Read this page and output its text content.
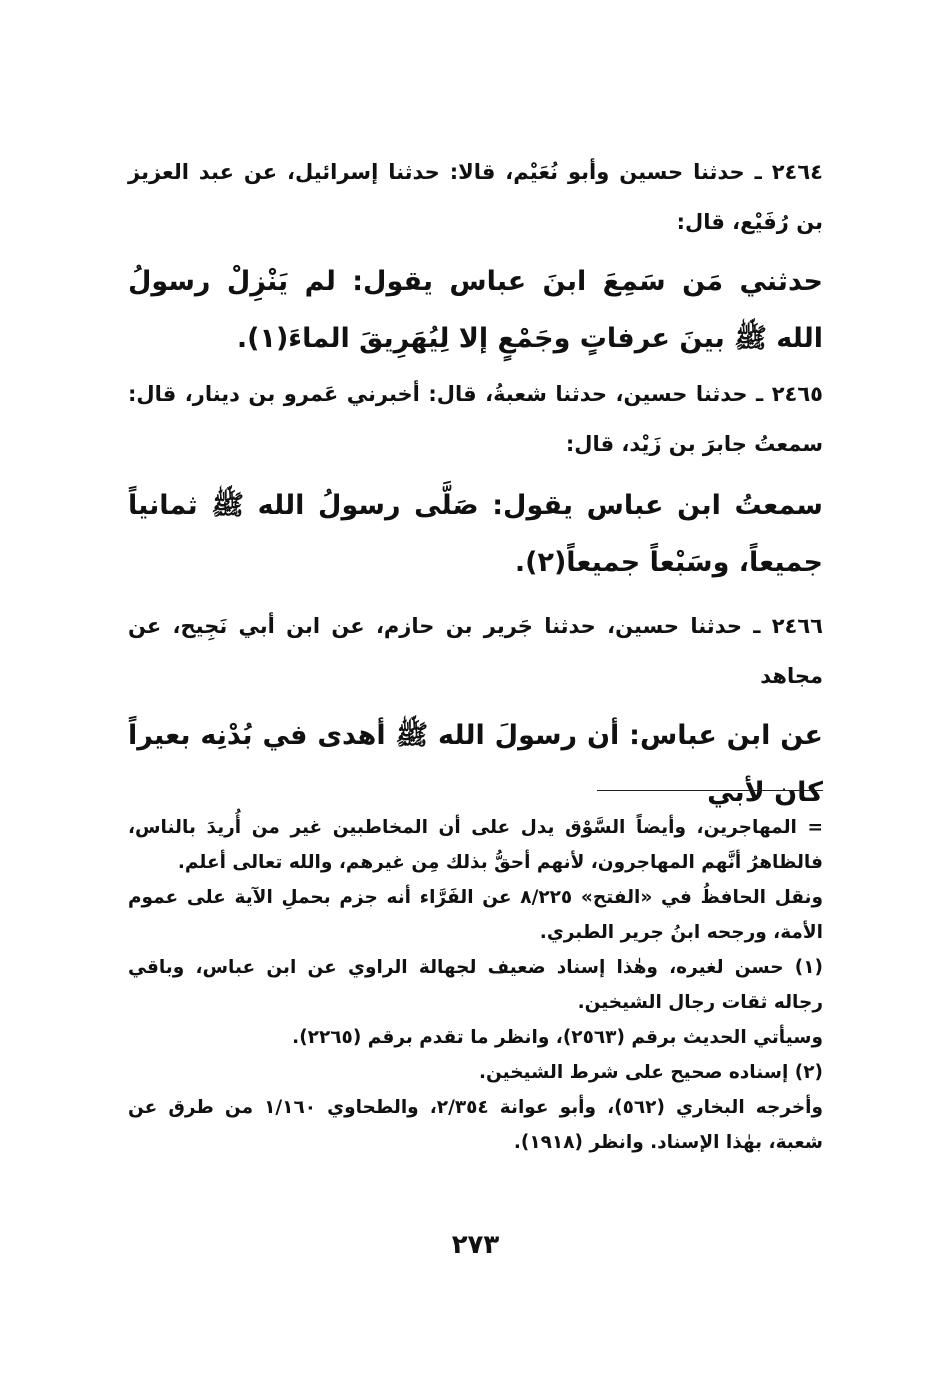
٢٤٦٤ ـ حدثنا حسين وأبو نُعَيْم، قالا: حدثنا إسرائيل، عن عبد العزيز بن رُفَيْع، قال:
حدثني مَن سَمِعَ ابنَ عباس يقول: لم يَنْزِلْ رسولُ الله ﷺ بينَ عرفاتٍ وجَمْعٍ إلا لِيُهَرِيقَ الماءَ(١).
٢٤٦٥ ـ حدثنا حسين، حدثنا شعبةُ، قال: أخبرني عَمرو بن دينار، قال: سمعتُ جابرَ بن زَيْد، قال:
سمعتُ ابن عباس يقول: صَلَّى رسولُ الله ﷺ ثمانياً جميعاً، وسَبْعاً جميعاً(٢).
٢٤٦٦ ـ حدثنا حسين، حدثنا جَرير بن حازم، عن ابن أبي نَجِيح، عن مجاهد
عن ابن عباس: أن رسولَ الله ﷺ أهدى في بُدْنِه بعيراً كان لأبي
= المهاجرين، وأيضاً السَّوْق يدل على أن المخاطبين غير من أُريدَ بالناس، فالظاهرُ أنَّهم المهاجرون، لأنهم أحقُّ بذلك مِن غيرهم، والله تعالى أعلم.
ونقل الحافظُ في «الفتح» ٨/٢٢٥ عن الفَرَّاء أنه جزم بحملِ الآية على عموم الأمة، ورجحه ابنُ جرير الطبري.
(١) حسن لغيره، وهٰذا إسناد ضعيف لجهالة الراوي عن ابن عباس، وباقي رجاله ثقات رجال الشيخين.
وسيأتي الحديث برقم (٢٥٦٣)، وانظر ما تقدم برقم (٢٢٦٥).
(٢) إسناده صحيح على شرط الشيخين.
وأخرجه البخاري (٥٦٢)، وأبو عوانة ٢/٣٥٤، والطحاوي ١/١٦٠ من طرق عن شعبة، بهٰذا الإسناد. وانظر (١٩١٨).
٢٧٣
